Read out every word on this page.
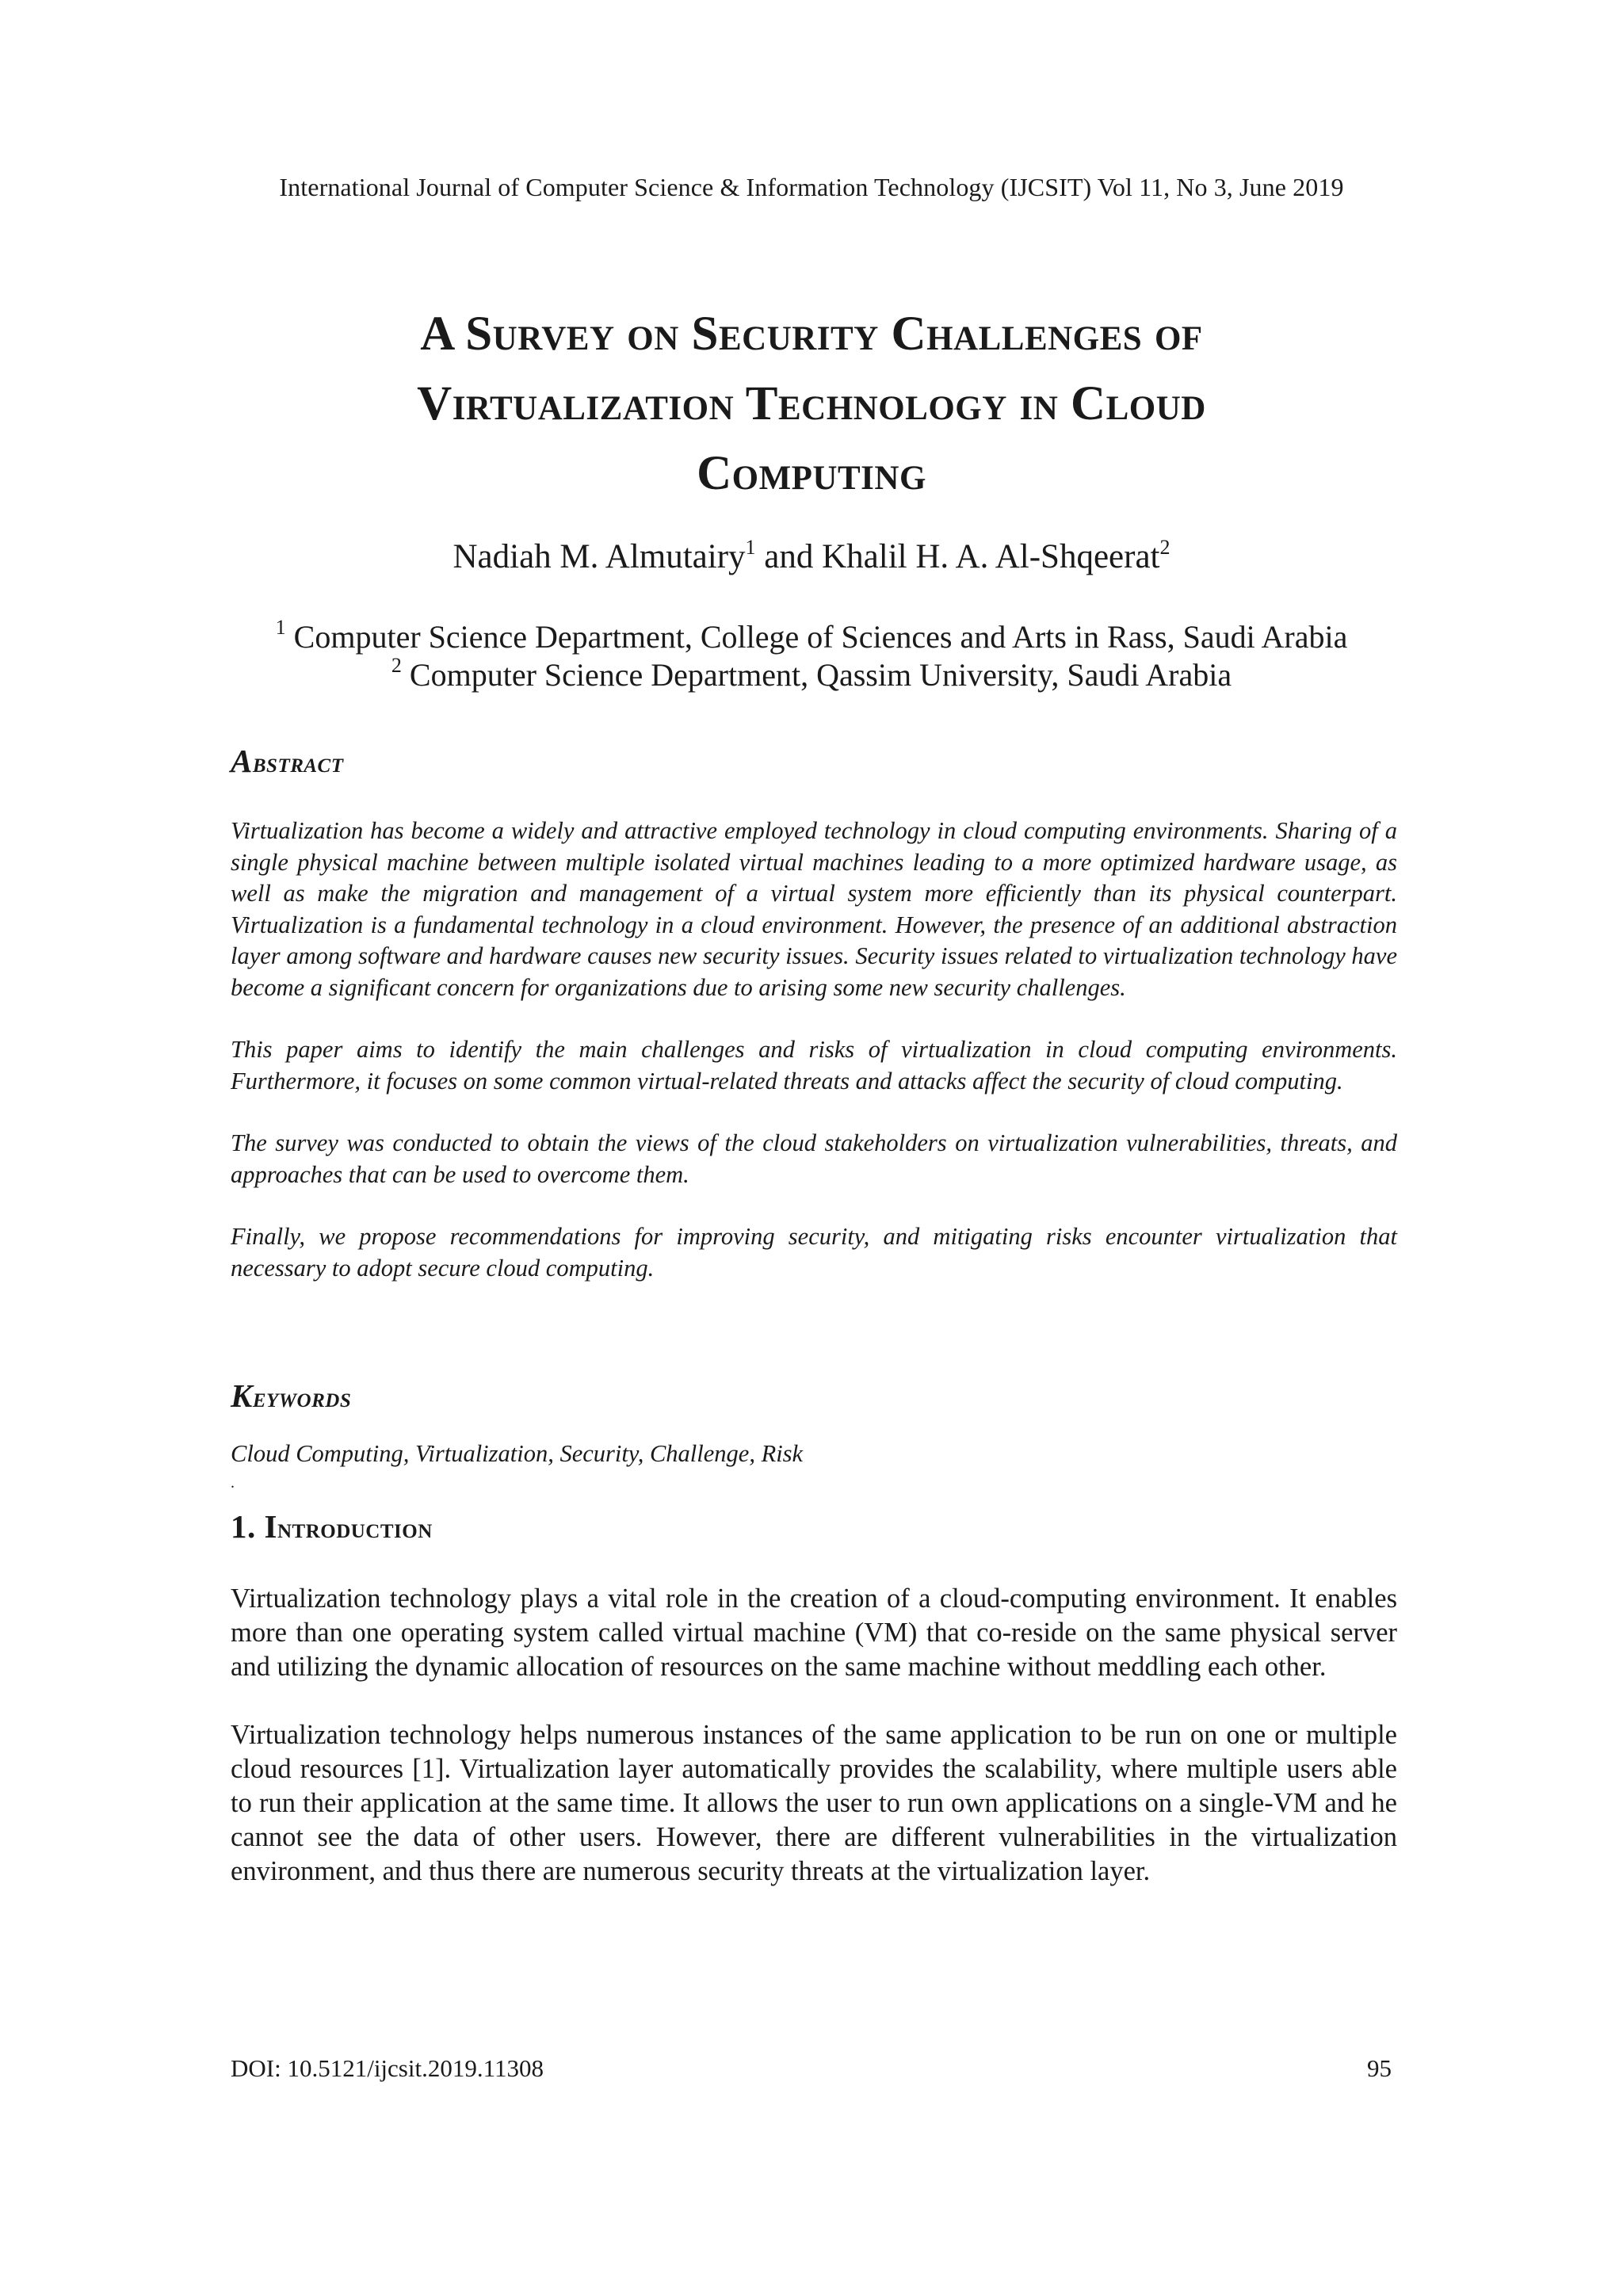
International Journal of Computer Science & Information Technology (IJCSIT) Vol 11, No 3, June 2019
A Survey on Security Challenges of
Virtualization Technology in Cloud
Computing
Nadiah M. Almutairy$^1$ and Khalil H. A. Al-Shqeerat$^2$
$^1$ Computer Science Department, College of Sciences and Arts in Rass, Saudi Arabia
$^2$ Computer Science Department, Qassim University, Saudi Arabia
Abstract

Virtualization has become a widely and attractive employed technology in cloud computing environments. Sharing of a single physical machine between multiple isolated virtual machines leading to a more optimized hardware usage, as well as make the migration and management of a virtual system more efficiently than its physical counterpart. Virtualization is a fundamental technology in a cloud environment. However, the presence of an additional abstraction layer among software and hardware causes new security issues. Security issues related to virtualization technology have become a significant concern for organizations due to arising some new security challenges.

This paper aims to identify the main challenges and risks of virtualization in cloud computing environments. Furthermore, it focuses on some common virtual-related threats and attacks affect the security of cloud computing.

The survey was conducted to obtain the views of the cloud stakeholders on virtualization vulnerabilities, threats, and approaches that can be used to overcome them.

Finally, we propose recommendations for improving security, and mitigating risks encounter virtualization that necessary to adopt secure cloud computing.

Keywords
Cloud Computing, Virtualization, Security, Challenge, Risk
.
1. Introduction

Virtualization technology plays a vital role in the creation of a cloud-computing environment. It enables more than one operating system called virtual machine (VM) that co-reside on the same physical server and utilizing the dynamic allocation of resources on the same machine without meddling each other.

Virtualization technology helps numerous instances of the same application to be run on one or multiple cloud resources [1]. Virtualization layer automatically provides the scalability, where multiple users able to run their application at the same time. It allows the user to run own applications on a single-VM and he cannot see the data of other users. However, there are different vulnerabilities in the virtualization environment, and thus there are numerous security threats at the virtualization layer.

DOI: 10.5121/ijcsit.2019.11308	95
